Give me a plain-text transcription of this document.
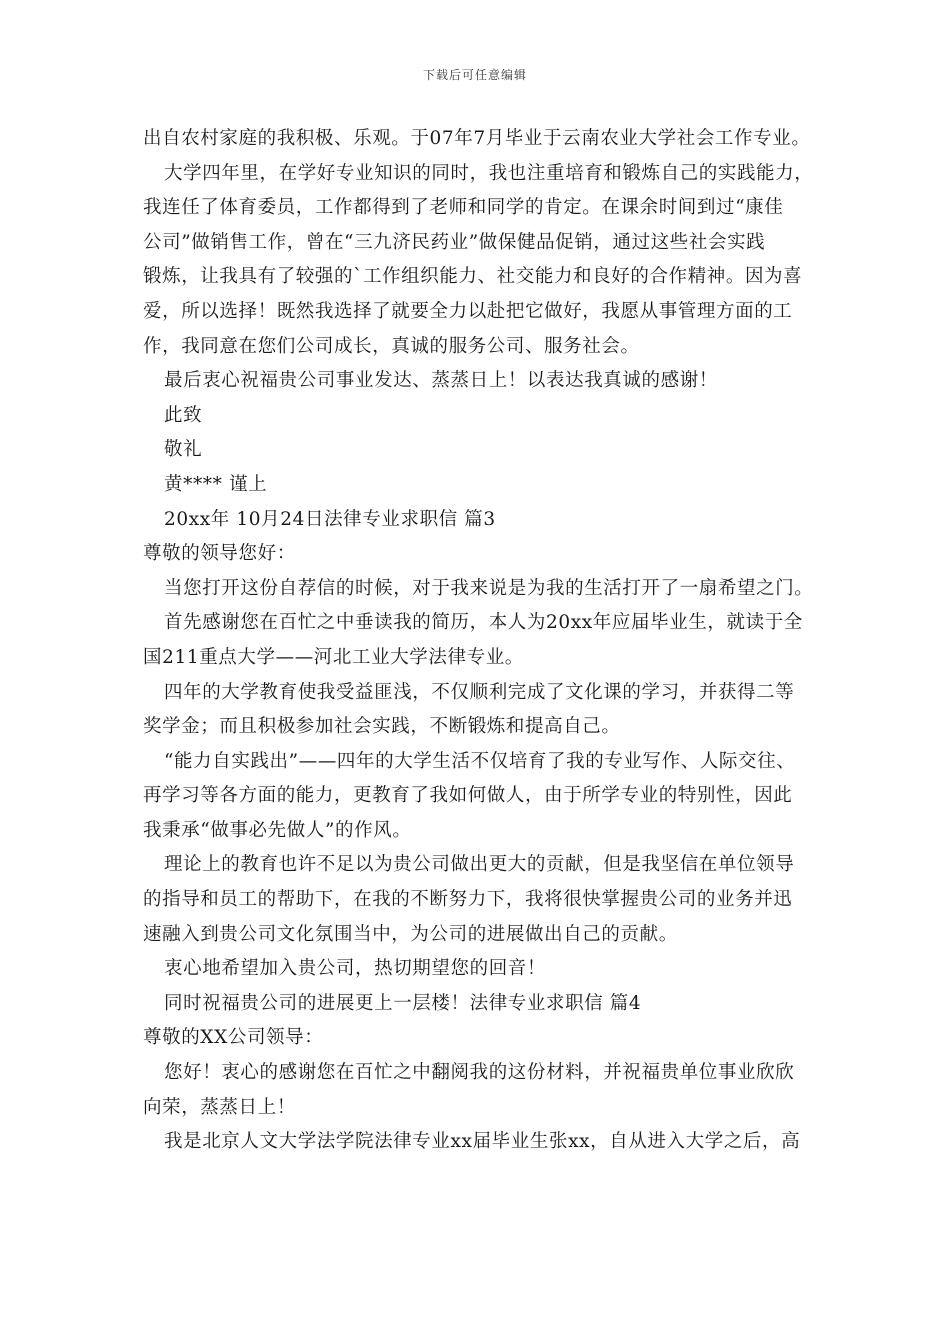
下载后可任意编辑
出自农村家庭的我积极、乐观。于07年7月毕业于云南农业大学社会工作专业。
大学四年里，在学好专业知识的同时，我也注重培育和锻炼自己的实践能力，
我连任了体育委员，工作都得到了老师和同学的肯定。在课余时间到过“康佳
公司”做销售工作，曾在“三九济民药业”做保健品促销，通过这些社会实践
锻炼，让我具有了较强的`工作组织能力、社交能力和良好的合作精神。因为喜
爱，所以选择！既然我选择了就要全力以赴把它做好，我愿从事管理方面的工
作，我同意在您们公司成长，真诚的服务公司、服务社会。
最后衷心祝福贵公司事业发达、蒸蒸日上！以表达我真诚的感谢！
此致
敬礼
黄**** 谨上
20xx年 10月24日法律专业求职信 篇3
尊敬的领导您好：
当您打开这份自荐信的时候，对于我来说是为我的生活打开了一扇希望之门。
首先感谢您在百忙之中垂读我的简历，本人为20xx年应届毕业生，就读于全
国211重点大学——河北工业大学法律专业。
四年的大学教育使我受益匪浅，不仅顺利完成了文化课的学习，并获得二等
奖学金；而且积极参加社会实践，不断锻炼和提高自己。
“能力自实践出”——四年的大学生活不仅培育了我的专业写作、人际交往、
再学习等各方面的能力，更教育了我如何做人，由于所学专业的特别性，因此
我秉承“做事必先做人”的作风。
理论上的教育也许不足以为贵公司做出更大的贡献，但是我坚信在单位领导
的指导和员工的帮助下，在我的不断努力下，我将很快掌握贵公司的业务并迅
速融入到贵公司文化氛围当中，为公司的进展做出自己的贡献。
衷心地希望加入贵公司，热切期望您的回音！
同时祝福贵公司的进展更上一层楼！法律专业求职信 篇4
尊敬的XX公司领导：
您好！衷心的感谢您在百忙之中翻阅我的这份材料，并祝福贵单位事业欣欣
向荣，蒸蒸日上！
我是北京人文大学法学院法律专业xx届毕业生张xx，自从进入大学之后，高
